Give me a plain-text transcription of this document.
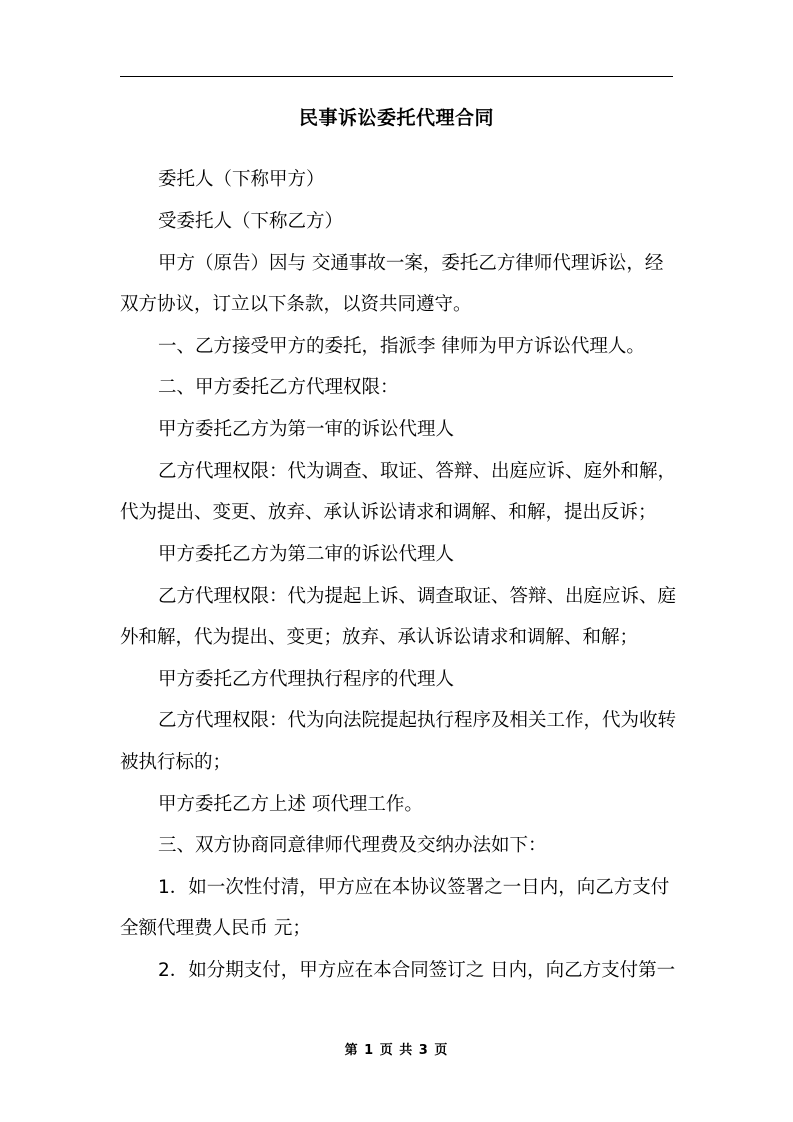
民事诉讼委托代理合同
委托人（下称甲方）
受委托人（下称乙方）
甲方（原告）因与 交通事故一案，委托乙方律师代理诉讼，经
双方协议，订立以下条款，以资共同遵守。
一、乙方接受甲方的委托，指派李 律师为甲方诉讼代理人。
二、甲方委托乙方代理权限：
甲方委托乙方为第一审的诉讼代理人
乙方代理权限：代为调查、取证、答辩、出庭应诉、庭外和解，
代为提出、变更、放弃、承认诉讼请求和调解、和解，提出反诉；
甲方委托乙方为第二审的诉讼代理人
乙方代理权限：代为提起上诉、调查取证、答辩、出庭应诉、庭
外和解，代为提出、变更；放弃、承认诉讼请求和调解、和解；
甲方委托乙方代理执行程序的代理人
乙方代理权限：代为向法院提起执行程序及相关工作，代为收转
被执行标的；
甲方委托乙方上述 项代理工作。
三、双方协商同意律师代理费及交纳办法如下：
1．如一次性付清，甲方应在本协议签署之一日内，向乙方支付
全额代理费人民币 元；
2．如分期支付，甲方应在本合同签订之 日内，向乙方支付第一
第 1 页 共 3 页
